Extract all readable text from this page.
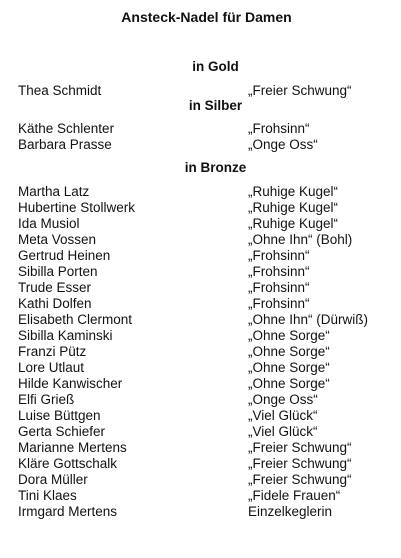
Ansteck-Nadel für Damen
in Gold
Thea Schmidt	„Freier Schwung“
in Silber
Käthe Schlenter	„Frohsinn“
Barbara Prasse	„Onge Oss“
in Bronze
Martha Latz	„Ruhige Kugel“
Hubertine Stollwerk	„Ruhige Kugel“
Ida Musiol	„Ruhige Kugel“
Meta Vossen	„Ohne Ihn“ (Bohl)
Gertrud Heinen	„Frohsinn“
Sibilla Porten	„Frohsinn“
Trude Esser	„Frohsinn“
Kathi Dolfen	„Frohsinn“
Elisabeth Clermont	„Ohne Ihn“ (Dürwiß)
Sibilla Kaminski	„Ohne Sorge“
Franzi Pütz	„Ohne Sorge“
Lore Utlaut	„Ohne Sorge“
Hilde Kanwischer	„Ohne Sorge“
Elfi Grieß	„Onge Oss“
Luise Büttgen	„Viel Glück“
Gerta Schiefer	„Viel Glück“
Marianne Mertens	„Freier Schwung“
Kläre Gottschalk	„Freier Schwung“
Dora Müller	„Freier Schwung“
Tini Klaes	„Fidele Frauen“
Irmgard Mertens	Einzelkeglerin
